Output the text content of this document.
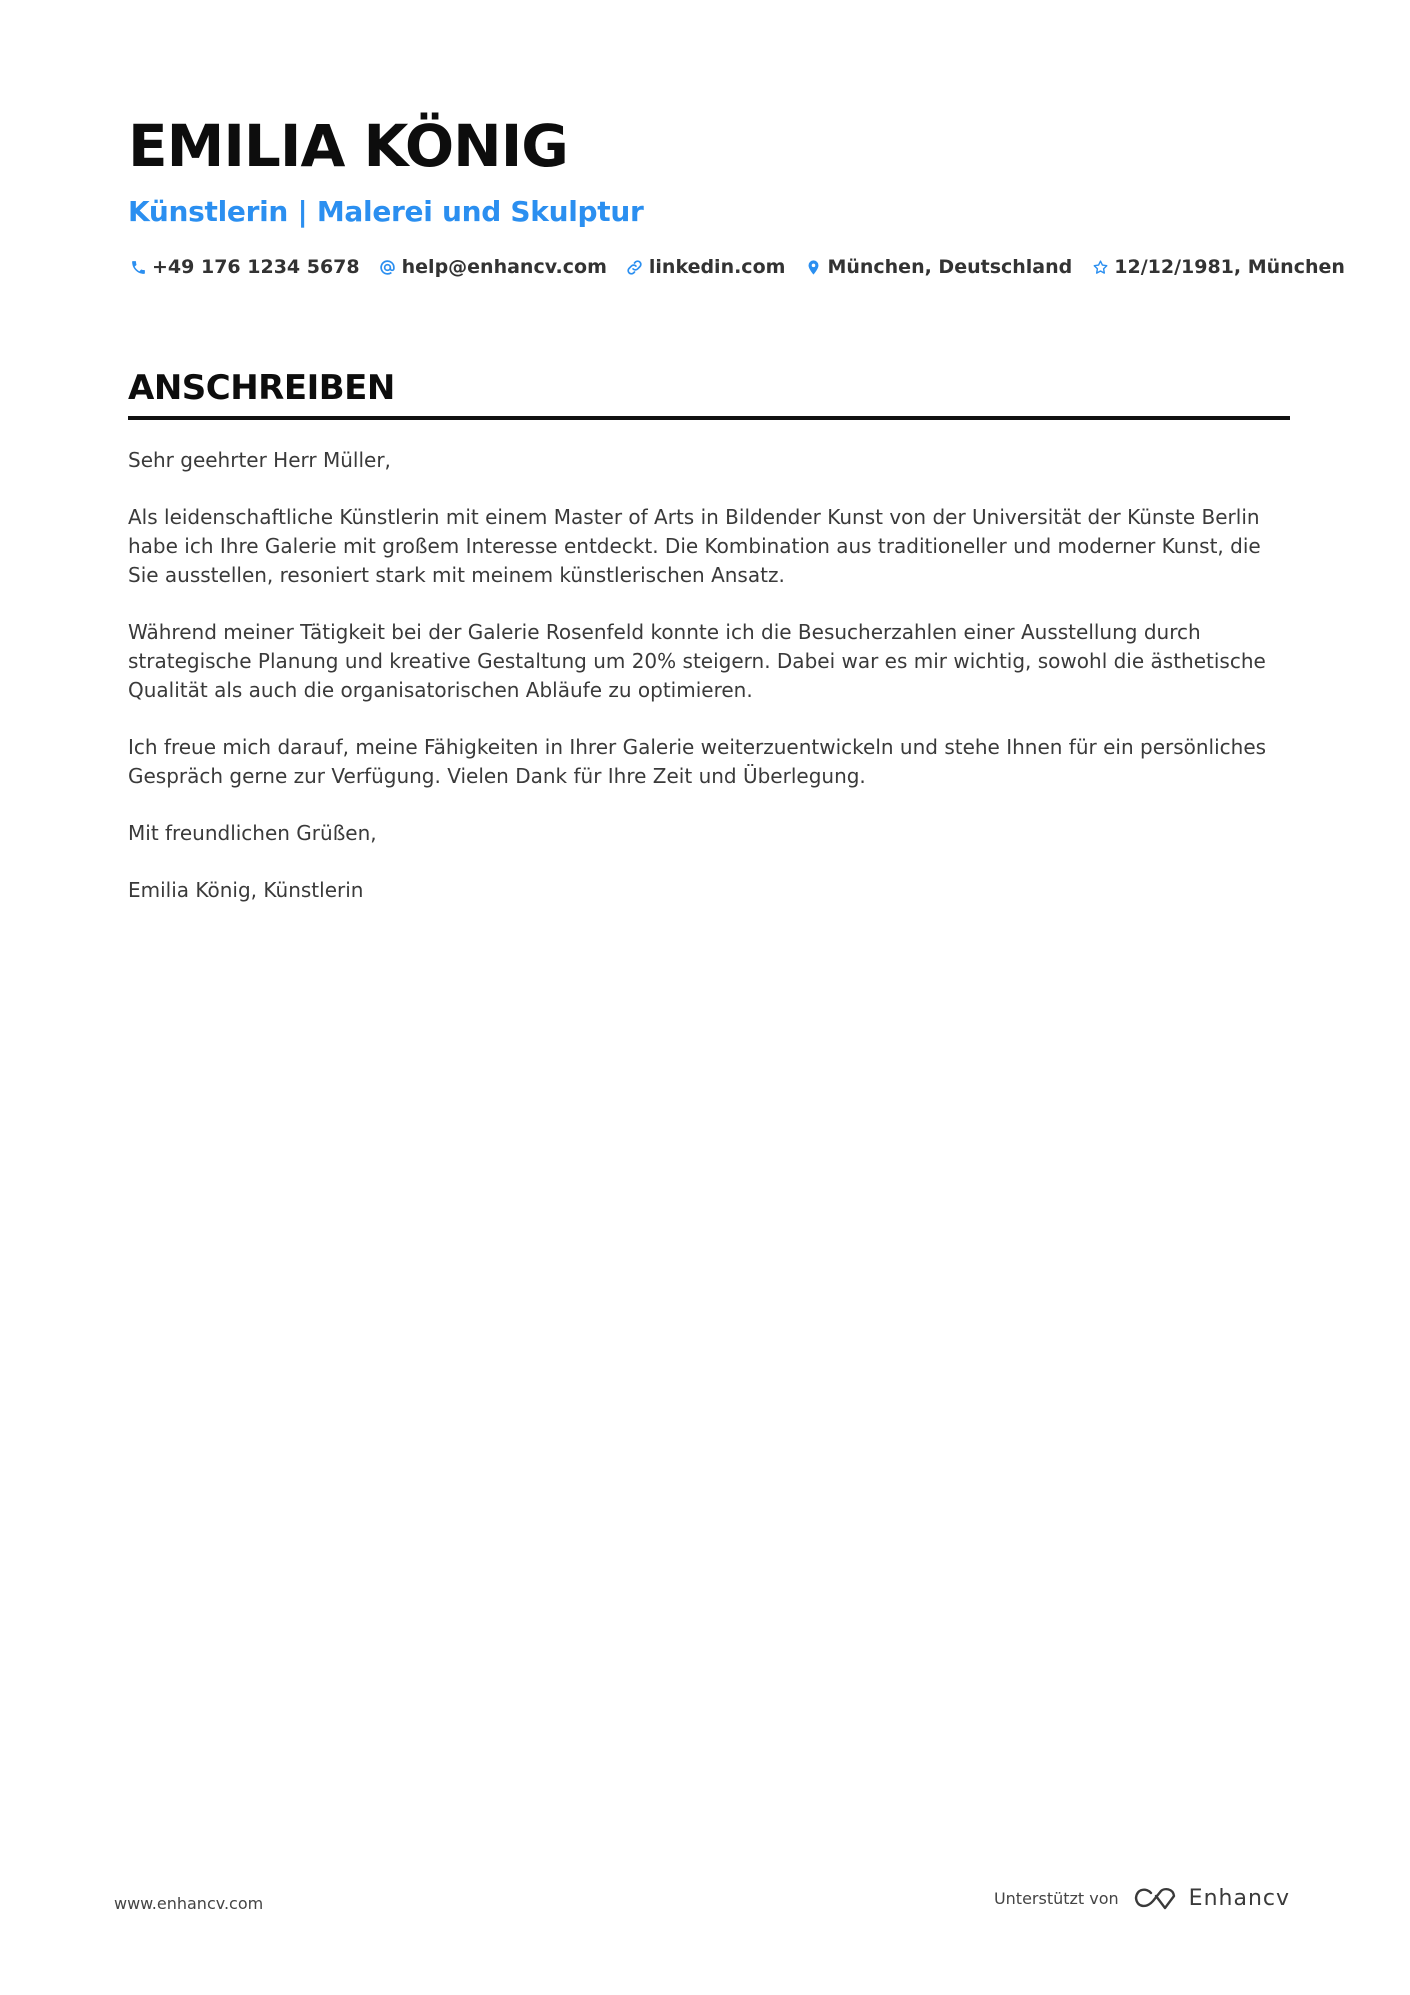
EMILIA KÖNIG
Künstlerin | Malerei und Skulptur
+49 176 1234 5678 help@enhancv.com linkedin.com München, Deutschland 12/12/1981, München
ANSCHREIBEN

Sehr geehrter Herr Müller,

Als leidenschaftliche Künstlerin mit einem Master of Arts in Bildender Kunst von der Universität der Künste Berlin habe ich Ihre Galerie mit großem Interesse entdeckt. Die Kombination aus traditioneller und moderner Kunst, die Sie ausstellen, resoniert stark mit meinem künstlerischen Ansatz.

Während meiner Tätigkeit bei der Galerie Rosenfeld konnte ich die Besucherzahlen einer Ausstellung durch strategische Planung und kreative Gestaltung um 20% steigern. Dabei war es mir wichtig, sowohl die ästhetische Qualität als auch die organisatorischen Abläufe zu optimieren.

Ich freue mich darauf, meine Fähigkeiten in Ihrer Galerie weiterzuentwickeln und stehe Ihnen für ein persönliches Gespräch gerne zur Verfügung. Vielen Dank für Ihre Zeit und Überlegung.

Mit freundlichen Grüßen,

Emilia König, Künstlerin

www.enhancv.com	Unterstützt von	Enhancv
